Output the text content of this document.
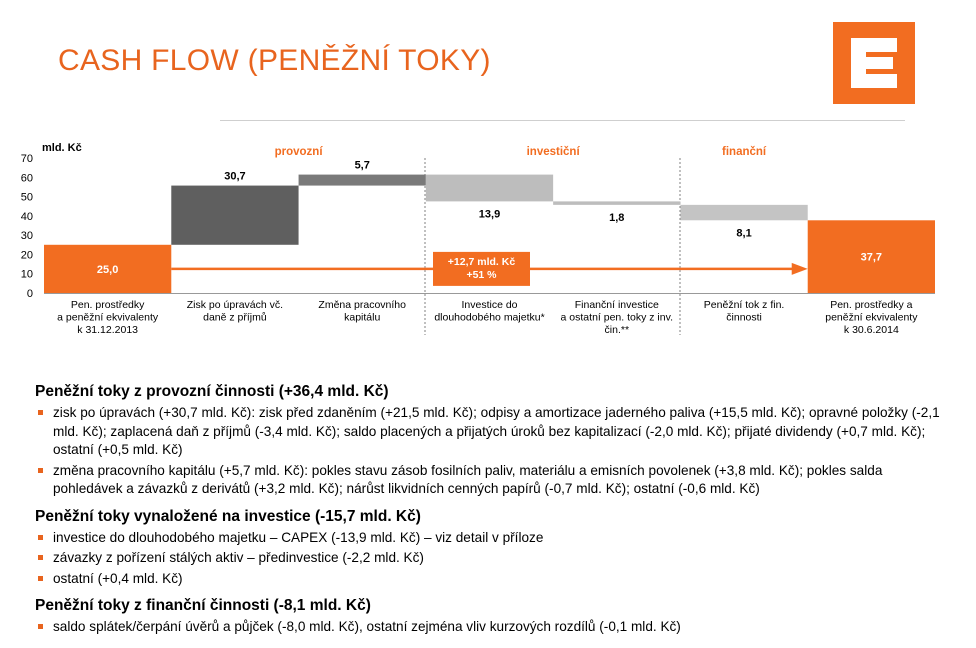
CASH FLOW (PENĚŽNÍ TOKY)
0
10
20
30
40
50
60
70
mld. Kč	provozní	investiční	finanční
25,0
30,7
5,7
13,9	1,8
8,1
37,7
+12,7 mld. Kč
+51 %
Pen. prostředky
a peněžní ekvivalenty
k 31.12.2013
Zisk po úpravách vč.
daně z příjmů
Změna pracovního
kapitálu
Investice do
dlouhodobého majetku*
Finanční investice
a ostatní pen. toky z inv.
čin.**
Peněžní tok z fin.
činnosti
Pen. prostředky a
peněžní ekvivalenty
k 30.6.2014
Peněžní toky z provozní činnosti (+36,4 mld. Kč)
zisk po úpravách (+30,7 mld. Kč): zisk před zdaněním (+21,5 mld. Kč); odpisy a amortizace jaderného paliva (+15,5 mld. Kč); opravné položky (-2,1 mld. Kč); zaplacená daň z příjmů (-3,4 mld. Kč); saldo placených a přijatých úroků bez kapitalizací (-2,0 mld. Kč); přijaté dividendy (+0,7 mld. Kč); ostatní (+0,5 mld. Kč)
změna pracovního kapitálu (+5,7 mld. Kč): pokles stavu zásob fosilních paliv, materiálu a emisních povolenek (+3,8 mld. Kč); pokles salda pohledávek a závazků z derivátů (+3,2 mld. Kč); nárůst likvidních cenných papírů (-0,7 mld. Kč); ostatní (-0,6 mld. Kč)
Peněžní toky vynaložené na investice (-15,7 mld. Kč)
investice do dlouhodobého majetku – CAPEX (-13,9 mld. Kč) – viz detail v příloze
závazky z pořízení stálých aktiv – předinvestice (-2,2 mld. Kč)
ostatní (+0,4 mld. Kč)
Peněžní toky z finanční činnosti (-8,1 mld. Kč)
saldo splátek/čerpání úvěrů a půjček (-8,0 mld. Kč), ostatní zejména vliv kurzových rozdílů (-0,1 mld. Kč)
